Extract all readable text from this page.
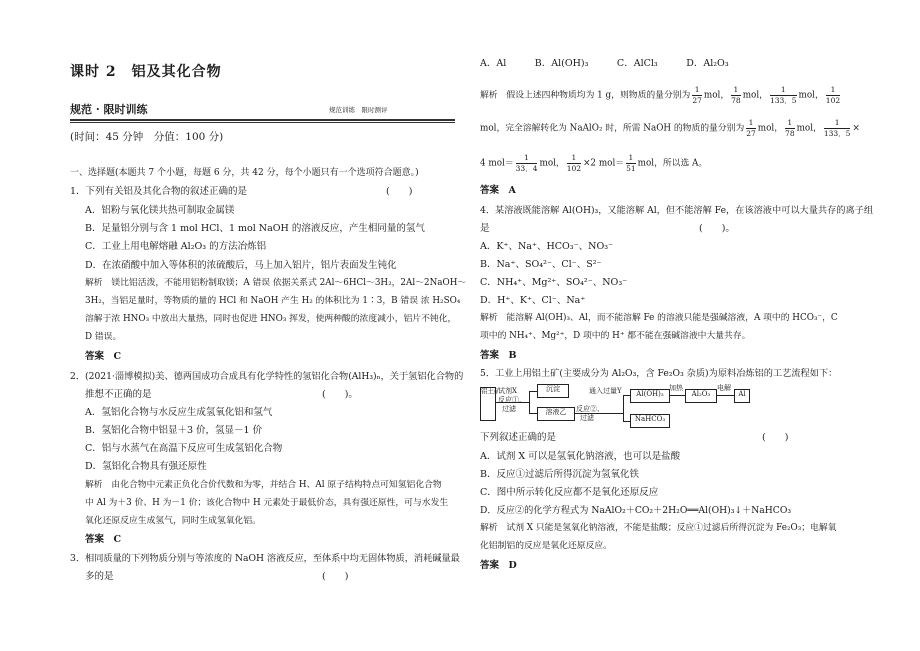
课时 2　铝及其化合物
规范 · 限时训练	规范训练　限时测评
(时间：45 分钟　分值：100 分)
一、选择题(本题共 7 个小题，每题 6 分，共 42 分，每个小题只有一个选项符合题意。)
1．下列有关铝及其化合物的叙述正确的是	(　　)
A．铝粉与氧化镁共热可制取金属镁
B．足量铝分别与含 1 mol HCl、1 mol NaOH 的溶液反应，产生相同量的氢气
C．工业上用电解熔融 Al₂O₃ 的方法冶炼铝
D．在浓硝酸中加入等体积的浓硫酸后，马上加入铝片，铝片表面发生钝化
解析　镁比铝活泼，不能用铝粉制取镁；A 错误 依据关系式 2Al～6HCl～3H₂，2Al～2NaOH～
3H₂，当铝足量时，等物质的量的 HCl 和 NaOH 产生 H₂ 的体积比为 1∶3，B 错误 浓 H₂SO₄
溶解于浓 HNO₃ 中放出大量热，同时也促进 HNO₃ 挥发，使两种酸的浓度减小，铝片不钝化，
D 错误。
答案　C
2．(2021·淄博模拟)美、德两国成功合成具有化学特性的氢铝化合物(AlH₃)ₙ，关于氢铝化合物的
推想不正确的是	(　　)。
A．氢铝化合物与水反应生成氢氧化铝和氢气
B．氢铝化合物中铝显＋3 价，氢显－1 价
C．铝与水蒸气在高温下反应可生成氢铝化合物
D．氢铝化合物具有强还原性
解析　由化合物中元素正负化合价代数和为零，并结合 H、Al 原子结构特点可知氢铝化合物
中 Al 为＋3 价、H 为－1 价；该化合物中 H 元素处于最低价态，具有强还原性，可与水发生
氧化还原反应生成氢气，同时生成氢氧化铝。
答案　C
3．相同质量的下列物质分别与等浓度的 NaOH 溶液反应，至体系中均无固体物质，消耗碱量最
多的是	(　　)
A．Al　　　B．Al(OH)₃　　　C．AlCl₃　　　D．Al₂O₃
解析　假设上述四种物质均为 1 g，则物质的量分别为 $\frac{1}{27}$ mol， $\frac{1}{78}$ mol， $\frac{1}{133.5}$ mol， $\frac{1}{102}$
mol，完全溶解转化为 NaAlO₂ 时，所需 NaOH 的物质的量分别为 $\frac{1}{27}$ mol， $\frac{1}{78}$ mol， $\frac{1}{133.5}$ ×
4 $mol= \frac{1}{33.4}$ mol， $\frac{1}{102} \times 2$ $mol= \frac{1}{51}$ mol，所以选 A。
答案　A
4．某溶液既能溶解 Al(OH)₃，又能溶解 Al，但不能溶解 Fe，在该溶液中可以大量共存的离子组
是	(　　)。
A．K⁺、Na⁺、HCO₃⁻、NO₃⁻
B．Na⁺、SO₄²⁻、Cl⁻、S²⁻
C．NH₄⁺、Mg²⁺、SO₄²⁻、NO₃⁻
D．H⁺、K⁺、Cl⁻、Na⁺
解析　能溶解 Al(OH)₃、Al，而不能溶解 Fe 的溶液只能是强碱溶液，A 项中的 HCO₃⁻，C
项中的 NH₄⁺、Mg²⁺，D 项中的 H⁺ 都不能在强碱溶液中大量共存。
答案　B
5．工业上用铝土矿(主要成分为 Al₂O₃，含 Fe₂O₃ 杂质)为原料冶炼铝的工艺流程如下：
铝土矿
试剂X
反应①、
过滤
沉淀
溶液乙
通入过量Y
反应②、
过滤
Al(OH)₃
NaHCO₃
加热
Al₂O₃
电解
Al
下列叙述正确的是	(　　)
A．试剂 X 可以是氢氧化钠溶液，也可以是盐酸
B．反应①过滤后所得沉淀为氢氧化铁
C．图中所示转化反应都不是氧化还原反应
D．反应②的化学方程式为 NaAlO₂＋CO₂＋2H₂O══Al(OH)₃↓＋NaHCO₃
解析　试剂 X 只能是氢氧化钠溶液，不能是盐酸；反应①过滤后所得沉淀为 Fe₂O₃；电解氧
化铝制铝的反应是氧化还原反应。
答案　D
